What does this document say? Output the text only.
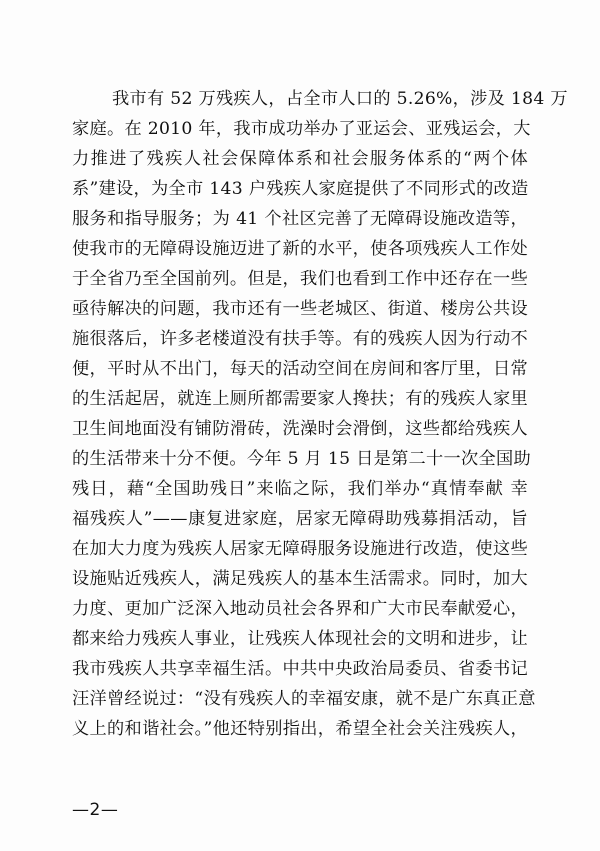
我市有 52 万残疾人，占全市人口的 5.26%，涉及 184 万
家庭。在 2010 年，我市成功举办了亚运会、亚残运会，大
力推进了残疾人社会保障体系和社会服务体系的“两个体
系”建设，为全市 143 户残疾人家庭提供了不同形式的改造
服务和指导服务；为 41 个社区完善了无障碍设施改造等，
使我市的无障碍设施迈进了新的水平，使各项残疾人工作处
于全省乃至全国前列。但是，我们也看到工作中还存在一些
亟待解决的问题，我市还有一些老城区、街道、楼房公共设
施很落后，许多老楼道没有扶手等。有的残疾人因为行动不
便，平时从不出门，每天的活动空间在房间和客厅里，日常
的生活起居，就连上厕所都需要家人搀扶；有的残疾人家里
卫生间地面没有铺防滑砖，洗澡时会滑倒，这些都给残疾人
的生活带来十分不便。今年 5 月 15 日是第二十一次全国助
残日，藉“全国助残日”来临之际，我们举办“真情奉献 幸
福残疾人”——康复进家庭，居家无障碍助残募捐活动，旨
在加大力度为残疾人居家无障碍服务设施进行改造，使这些
设施贴近残疾人，满足残疾人的基本生活需求。同时，加大
力度、更加广泛深入地动员社会各界和广大市民奉献爱心，
都来给力残疾人事业，让残疾人体现社会的文明和进步，让
我市残疾人共享幸福生活。中共中央政治局委员、省委书记
汪洋曾经说过：“没有残疾人的幸福安康，就不是广东真正意
义上的和谐社会。”他还特别指出，希望全社会关注残疾人，
—2—
